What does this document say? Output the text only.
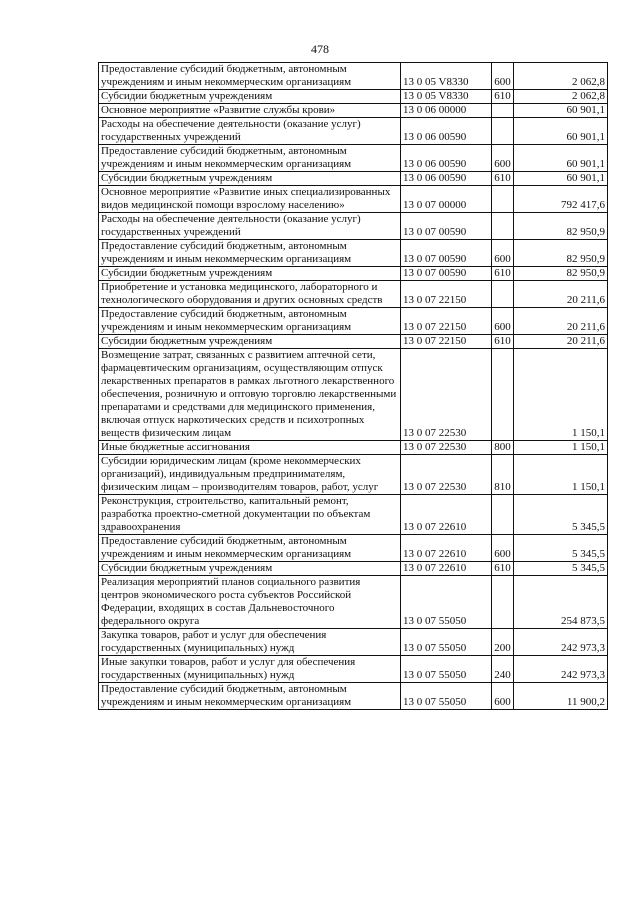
478
Предоставление субсидий бюджетным, автономным учреждениям и иным некоммерческим организациям	13 0 05 V8330	600	2 062,8
Субсидии бюджетным учреждениям	13 0 05 V8330	610	2 062,8
Основное мероприятие «Развитие службы крови»	13 0 06 00000		60 901,1
Расходы на обеспечение деятельности (оказание услуг) государственных учреждений	13 0 06 00590		60 901,1
Предоставление субсидий бюджетным, автономным учреждениям и иным некоммерческим организациям	13 0 06 00590	600	60 901,1
Субсидии бюджетным учреждениям	13 0 06 00590	610	60 901,1
Основное мероприятие «Развитие иных специализированных видов медицинской помощи взрослому населению»	13 0 07 00000		792 417,6
Расходы на обеспечение деятельности (оказание услуг) государственных учреждений	13 0 07 00590		82 950,9
Предоставление субсидий бюджетным, автономным учреждениям и иным некоммерческим организациям	13 0 07 00590	600	82 950,9
Субсидии бюджетным учреждениям	13 0 07 00590	610	82 950,9
Приобретение и установка медицинского, лабораторного и технологического оборудования и других основных средств	13 0 07 22150		20 211,6
Предоставление субсидий бюджетным, автономным учреждениям и иным некоммерческим организациям	13 0 07 22150	600	20 211,6
Субсидии бюджетным учреждениям	13 0 07 22150	610	20 211,6
Возмещение затрат, связанных с развитием аптечной сети, фармацевтическим организациям, осуществляющим отпуск лекарственных препаратов в рамках льготного лекарственного обеспечения, розничную и оптовую торговлю лекарственными препаратами и средствами для медицинского применения, включая отпуск наркотических средств и психотропных веществ физическим лицам	13 0 07 22530		1 150,1
Иные бюджетные ассигнования	13 0 07 22530	800	1 150,1
Субсидии юридическим лицам (кроме некоммерческих организаций), индивидуальным предпринимателям, физическим лицам – производителям товаров, работ, услуг	13 0 07 22530	810	1 150,1
Реконструкция, строительство, капитальный ремонт, разработка проектно-сметной документации по объектам здравоохранения	13 0 07 22610		5 345,5
Предоставление субсидий бюджетным, автономным учреждениям и иным некоммерческим организациям	13 0 07 22610	600	5 345,5
Субсидии бюджетным учреждениям	13 0 07 22610	610	5 345,5
Реализация мероприятий планов социального развития центров экономического роста субъектов Российской Федерации, входящих в состав Дальневосточного федерального округа	13 0 07 55050		254 873,5
Закупка товаров, работ и услуг для обеспечения государственных (муниципальных) нужд	13 0 07 55050	200	242 973,3
Иные закупки товаров, работ и услуг для обеспечения государственных (муниципальных) нужд	13 0 07 55050	240	242 973,3
Предоставление субсидий бюджетным, автономным учреждениям и иным некоммерческим организациям	13 0 07 55050	600	11 900,2
